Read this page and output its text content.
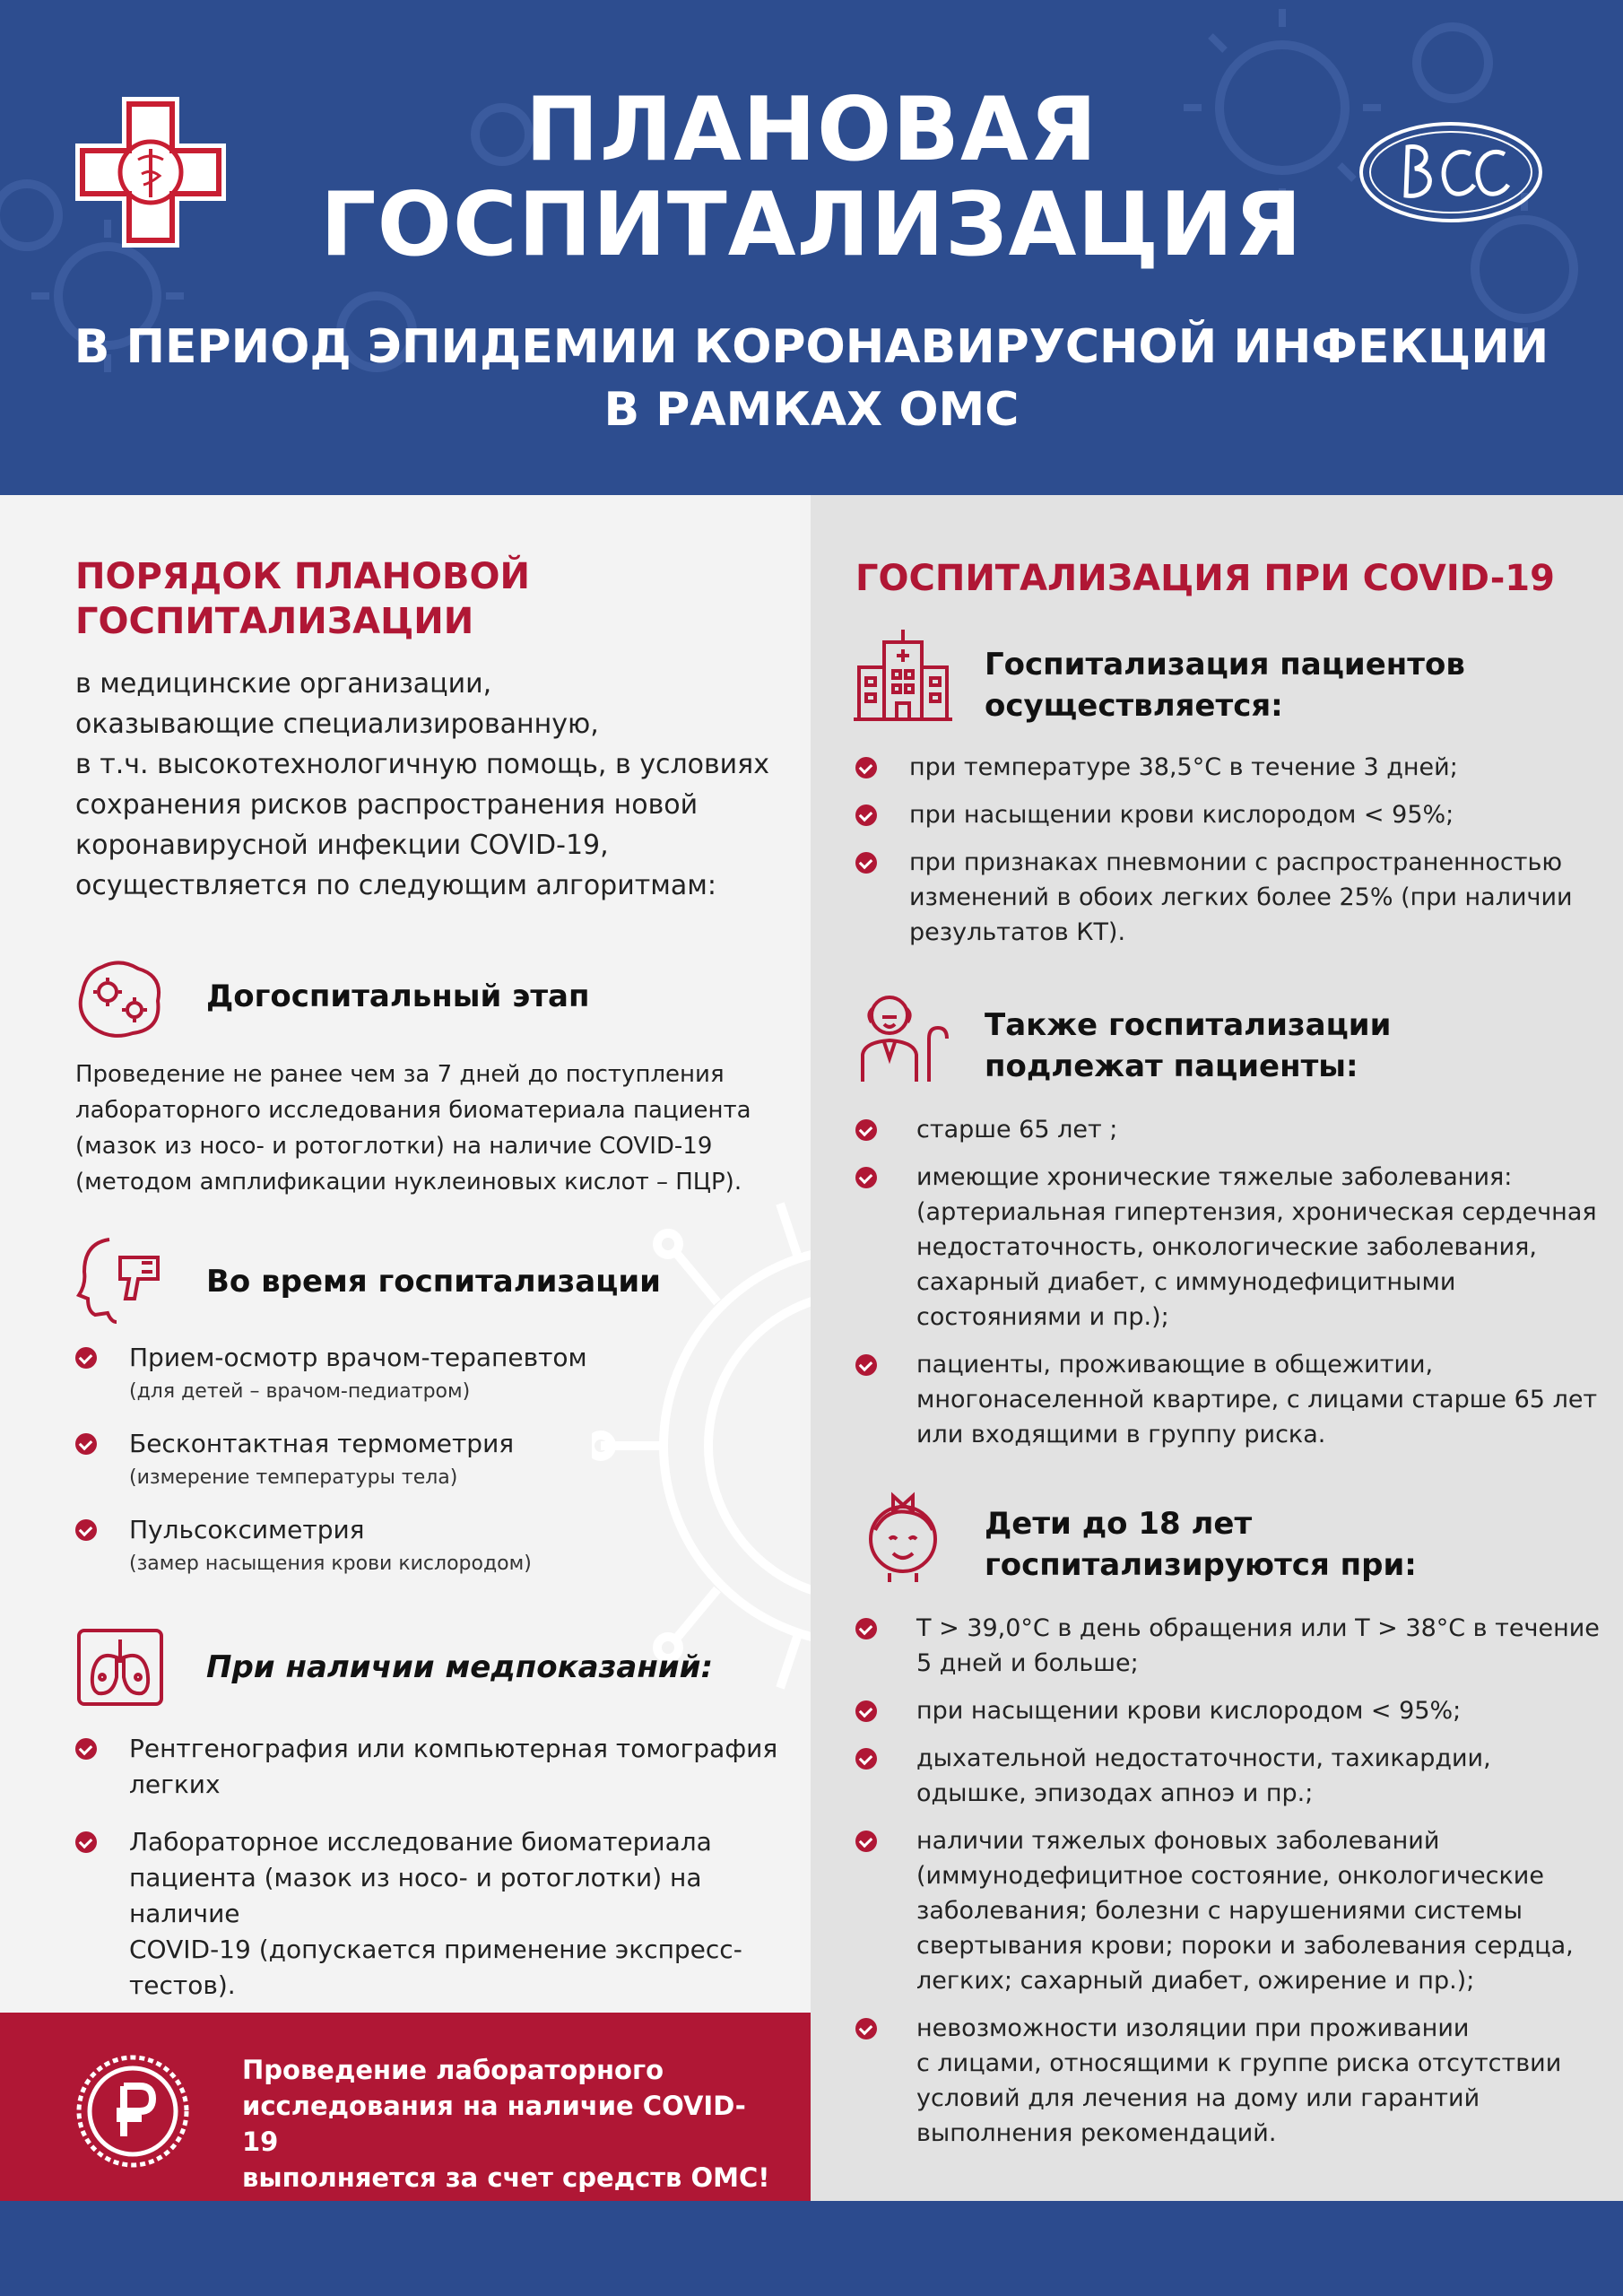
ПЛАНОВАЯ
ГОСПИТАЛИЗАЦИЯ

В ПЕРИОД ЭПИДЕМИИ КОРОНАВИРУСНОЙ ИНФЕКЦИИ
В РАМКАХ ОМС

ПОРЯДОК ПЛАНОВОЙ
ГОСПИТАЛИЗАЦИИ

в медицинские организации,
оказывающие специализированную,
в т.ч. высокотехнологичную помощь, в условиях
сохранения рисков распространения новой
коронавирусной инфекции COVID-19,
осуществляется по следующим алгоритмам:

Догоспитальный этап

Проведение не ранее чем за 7 дней до поступления
лабораторного исследования биоматериала пациента
(мазок из носо- и ротоглотки) на наличие COVID-19
(методом амплификации нуклеиновых кислот – ПЦР).

Во время госпитализации
Прием-осмотр врачом-терапевтом
(для детей – врачом-педиатром)
Бесконтактная термометрия
(измерение температуры тела)
Пульсоксиметрия
(замер насыщения крови кислородом)
При наличии медпоказаний:
Рентгенография или компьютерная томография
легких
Лабораторное исследование биоматериала
пациента (мазок из носо- и ротоглотки) на наличие
COVID-19 (допускается применение экспресс-
тестов).

Проведение лабораторного
исследования на наличие COVID-19
выполняется за счет средств ОМС!

ГОСПИТАЛИЗАЦИЯ ПРИ COVID-19
Госпитализация пациентов
осуществляется:
при температуре 38,5°C в течение 3 дней;
при насыщении крови кислородом < 95%;
при признаках пневмонии с распространенностью
изменений в обоих легких более 25% (при наличии
результатов КТ).
Также госпитализации
подлежат пациенты:
старше 65 лет ;
имеющие хронические тяжелые заболевания:
(артериальная гипертензия, хроническая сердечная
недостаточность, онкологические заболевания,
сахарный диабет, с иммунодефицитными
состояниями и пр.);
пациенты, проживающие в общежитии,
многонаселенной квартире, с лицами старше 65 лет
или входящими в группу риска.
Дети до 18 лет
госпитализируются при:
T > 39,0°C в день обращения или T > 38°C в течение
5 дней и больше;
при насыщении крови кислородом < 95%;
дыхательной недостаточности, тахикардии,
одышке, эпизодах апноэ и пр.;
наличии тяжелых фоновых заболеваний
(иммунодефицитное состояние, онкологические
заболевания; болезни с нарушениями системы
свертывания крови; пороки и заболевания сердца,
легких; сахарный диабет, ожирение и пр.);
невозможности изоляции при проживании
с лицами, относящими к группе риска отсутствии
условий для лечения на дому или гарантий
выполнения рекомендаций.
